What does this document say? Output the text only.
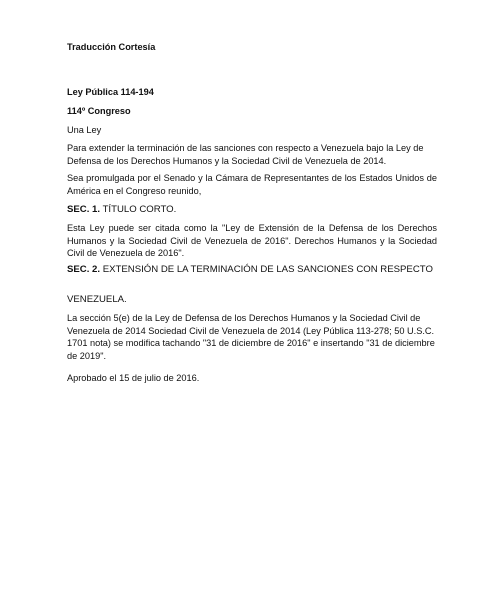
Traducción Cortesía

Ley Pública 114-194

114º Congreso

Una Ley

Para extender la terminación de las sanciones con respecto a Venezuela bajo la Ley de Defensa de los Derechos Humanos y la Sociedad Civil de Venezuela de 2014.

Sea promulgada por el Senado y la Cámara de Representantes de los Estados Unidos de América en el Congreso reunido,

SEC. 1. TÍTULO CORTO.

Esta Ley puede ser citada como la "Ley de Extensión de la Defensa de los Derechos Humanos y la Sociedad Civil de Venezuela de 2016". Derechos Humanos y la Sociedad Civil de Venezuela de 2016".

SEC. 2. EXTENSIÓN DE LA TERMINACIÓN DE LAS SANCIONES CON RESPECTO

VENEZUELA.

La sección 5(e) de la Ley de Defensa de los Derechos Humanos y la Sociedad Civil de Venezuela de 2014 Sociedad Civil de Venezuela de 2014 (Ley Pública 113-278; 50 U.S.C. 1701 nota) se modifica tachando "31 de diciembre de 2016" e insertando "31 de diciembre de 2019".

Aprobado el 15 de julio de 2016.
